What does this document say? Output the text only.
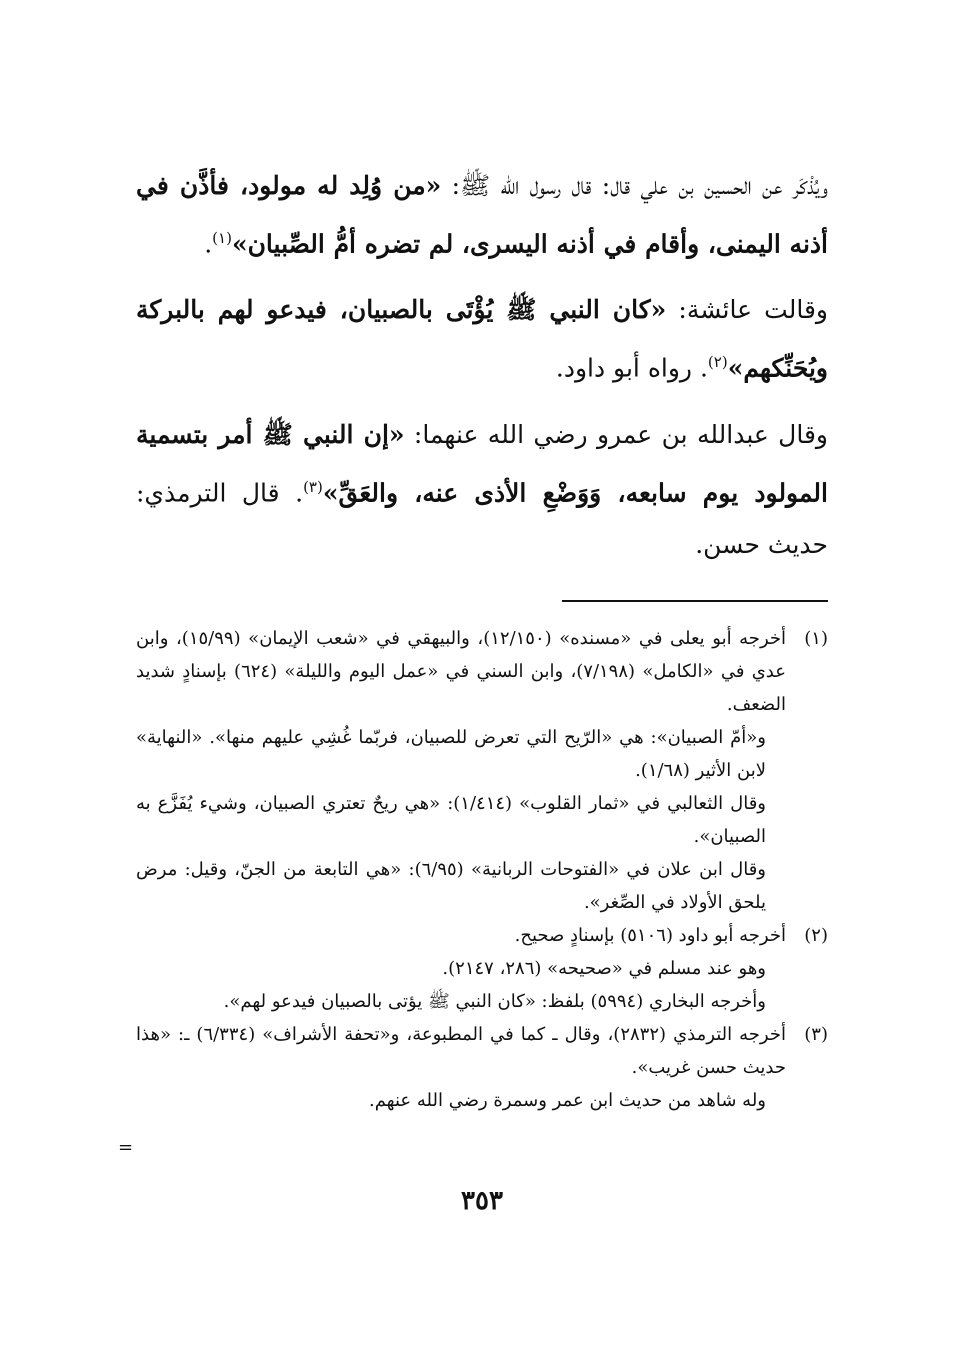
ويُذْكَر عن الحسين بن علي قال: قال رسول الله ﷺ: «من وُلِد له مولود، فأذَّن في أذنه اليمنى، وأقام في أذنه اليسرى، لم تضره أمُّ الصِّبيان»$^{(١)}$.

وقالت عائشة: «كان النبي ﷺ يُؤْتَى بالصبيان، فيدعو لهم بالبركة ويُحَنِّكهم»$^{(٢)}$. رواه أبو داود.

وقال عبدالله بن عمرو رضي الله عنهما: «إن النبي ﷺ أمر بتسمية المولود يوم سابعه، وَوَضْعِ الأذى عنه، والعَقِّ»$^{(٣)}$. قال الترمذي: حديث حسن.

(١)
أخرجه أبو يعلى في «مسنده» (١٢/١٥٠)، والبيهقي في «شعب الإيمان» (١٥/٩٩)، وابن عدي في «الكامل» (٧/١٩٨)، وابن السني في «عمل اليوم والليلة» (٦٢٤) بإسنادٍ شديد الضعف.
و«أمّ الصبيان»: هي «الرّيح التي تعرض للصبيان، فربّما غُشِي عليهم منها». «النهاية» لابن الأثير (١/٦٨).
وقال الثعالبي في «ثمار القلوب» (١/٤١٤): «هي ريحٌ تعتري الصبيان، وشيء يُفَزَّع به الصبيان».
وقال ابن علان في «الفتوحات الربانية» (٦/٩٥): «هي التابعة من الجنّ، وقيل: مرض يلحق الأولاد في الصِّغر».
(٢)
أخرجه أبو داود (٥١٠٦) بإسنادٍ صحيح.
وهو عند مسلم في «صحيحه» (٢٨٦، ٢١٤٧).
وأخرجه البخاري (٥٩٩٤) بلفظ: «كان النبي ﷺ يؤتى بالصبيان فيدعو لهم».
(٣)
أخرجه الترمذي (٢٨٣٢)، وقال ـ كما في المطبوعة، و«تحفة الأشراف» (٦/٣٣٤) ـ: «هذا حديث حسن غريب».
وله شاهد من حديث ابن عمر وسمرة رضي الله عنهم.
=
٣٥٣
